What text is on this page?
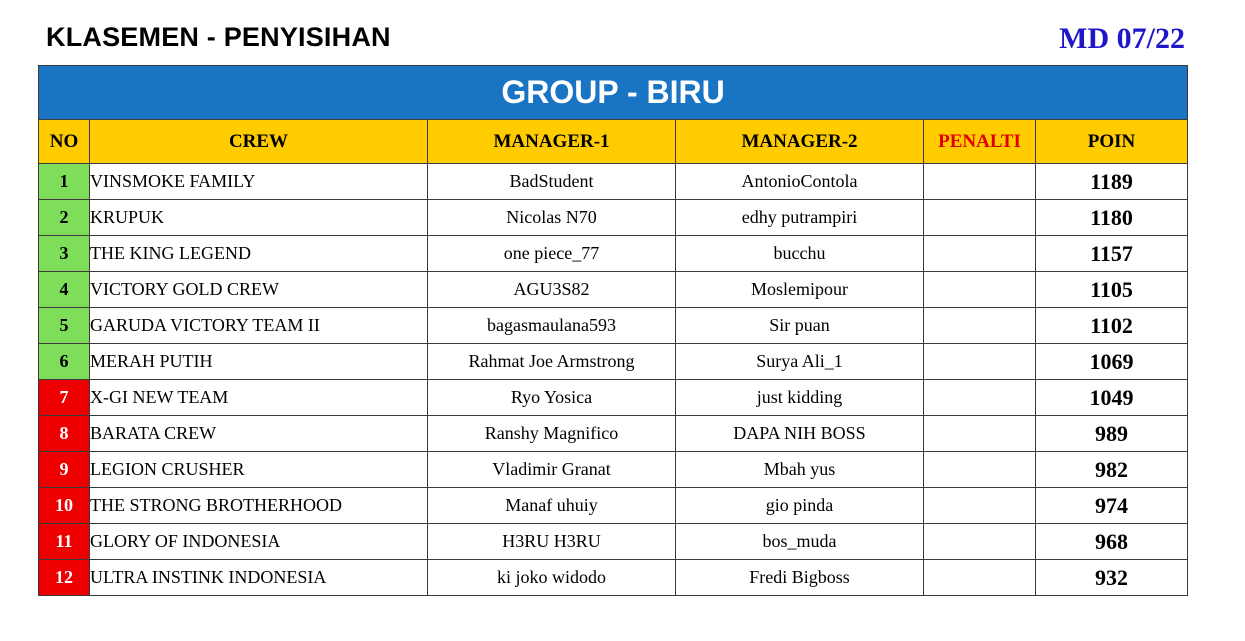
KLASEMEN - PENYISIHAN	MD 07/22
GROUP - BIRU					
NO	CREW	MANAGER-1	MANAGER-2	PENALTI	POIN
1	VINSMOKE FAMILY	BadStudent	AntonioContola		1189
2	KRUPUK	Nicolas N70	edhy putrampiri		1180
3	THE KING LEGEND	one piece_77	bucchu		1157
4	VICTORY GOLD CREW	AGU3S82	Moslemipour		1105
5	GARUDA VICTORY TEAM II	bagasmaulana593	Sir puan		1102
6	MERAH PUTIH	Rahmat Joe Armstrong	Surya Ali_1		1069
7	X-GI NEW TEAM	Ryo Yosica	just kidding		1049
8	BARATA CREW	Ranshy Magnifico	DAPA NIH BOSS		989
9	LEGION CRUSHER	Vladimir Granat	Mbah yus		982
10	THE STRONG BROTHERHOOD	Manaf uhuiy	gio pinda		974
11	GLORY OF INDONESIA	H3RU H3RU	bos_muda		968
12	ULTRA INSTINK INDONESIA	ki joko widodo	Fredi Bigboss		932
